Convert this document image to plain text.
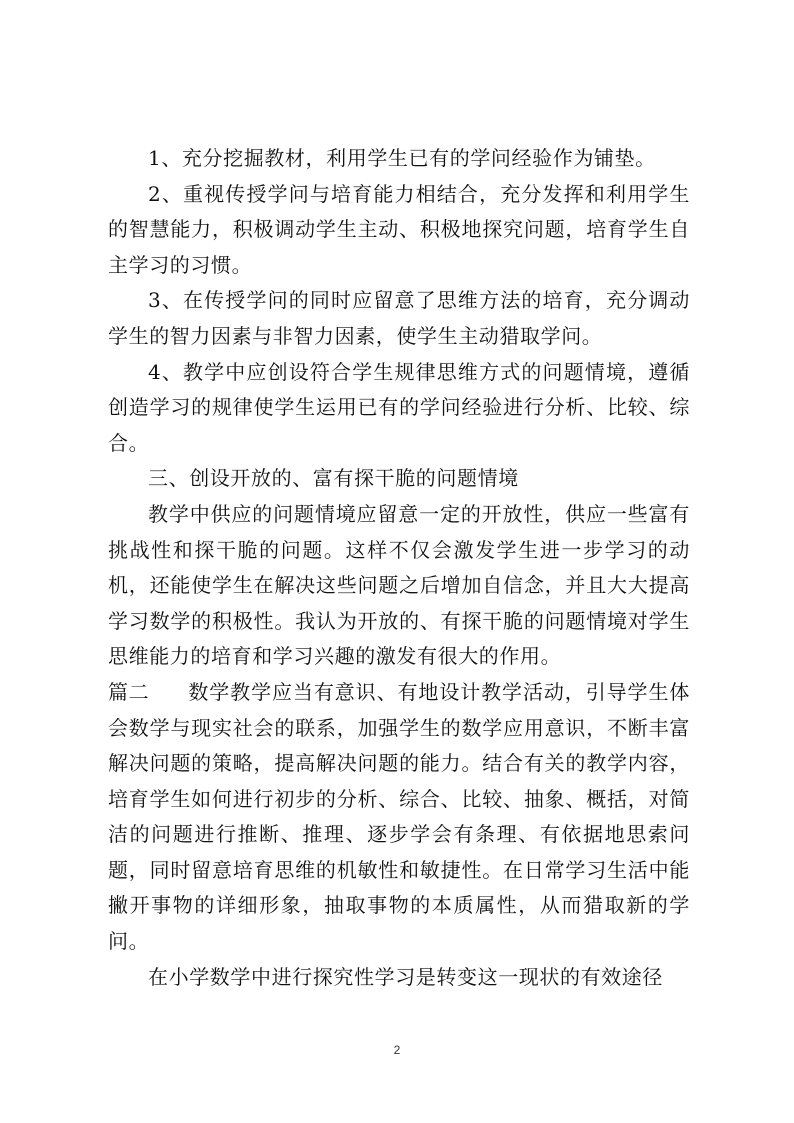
1、充分挖掘教材，利用学生已有的学问经验作为铺垫。

2、重视传授学问与培育能力相结合，充分发挥和利用学生的智慧能力，积极调动学生主动、积极地探究问题，培育学生自主学习的习惯。

3、在传授学问的同时应留意了思维方法的培育，充分调动学生的智力因素与非智力因素，使学生主动猎取学问。

4、教学中应创设符合学生规律思维方式的问题情境，遵循创造学习的规律使学生运用已有的学问经验进行分析、比较、综合。

三、创设开放的、富有探干脆的问题情境

教学中供应的问题情境应留意一定的开放性，供应一些富有挑战性和探干脆的问题。这样不仅会激发学生进一步学习的动机，还能使学生在解决这些问题之后增加自信念，并且大大提高学习数学的积极性。我认为开放的、有探干脆的问题情境对学生思维能力的培育和学习兴趣的激发有很大的作用。

篇二 数学教学应当有意识、有地设计教学活动，引导学生体会数学与现实社会的联系，加强学生的数学应用意识，不断丰富解决问题的策略，提高解决问题的能力。结合有关的教学内容，培育学生如何进行初步的分析、综合、比较、抽象、概括，对简洁的问题进行推断、推理、逐步学会有条理、有依据地思索问题，同时留意培育思维的机敏性和敏捷性。在日常学习生活中能撇开事物的详细形象，抽取事物的本质属性，从而猎取新的学问。

在小学数学中进行探究性学习是转变这一现状的有效途径

2
